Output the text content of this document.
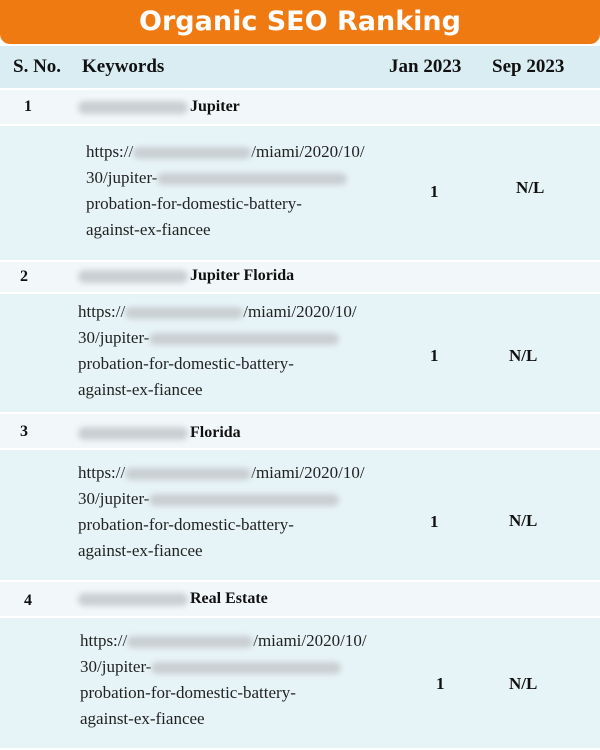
Organic SEO Ranking
S. No. Keywords	Jan 2023 Sep 2023
1	Jupiter
https://	/miami/2020/10/
30/jupiter-
probation-for-domestic-battery-
against-ex-fiancee
1	N/L
2	Jupiter Florida
https://	/miami/2020/10/
30/jupiter-
probation-for-domestic-battery-
against-ex-fiancee
1	N/L
3	Florida
https://	/miami/2020/10/
30/jupiter-
probation-for-domestic-battery-
against-ex-fiancee
1	N/L
4	Real Estate
https://	/miami/2020/10/
30/jupiter-
probation-for-domestic-battery-
against-ex-fiancee
1	N/L
